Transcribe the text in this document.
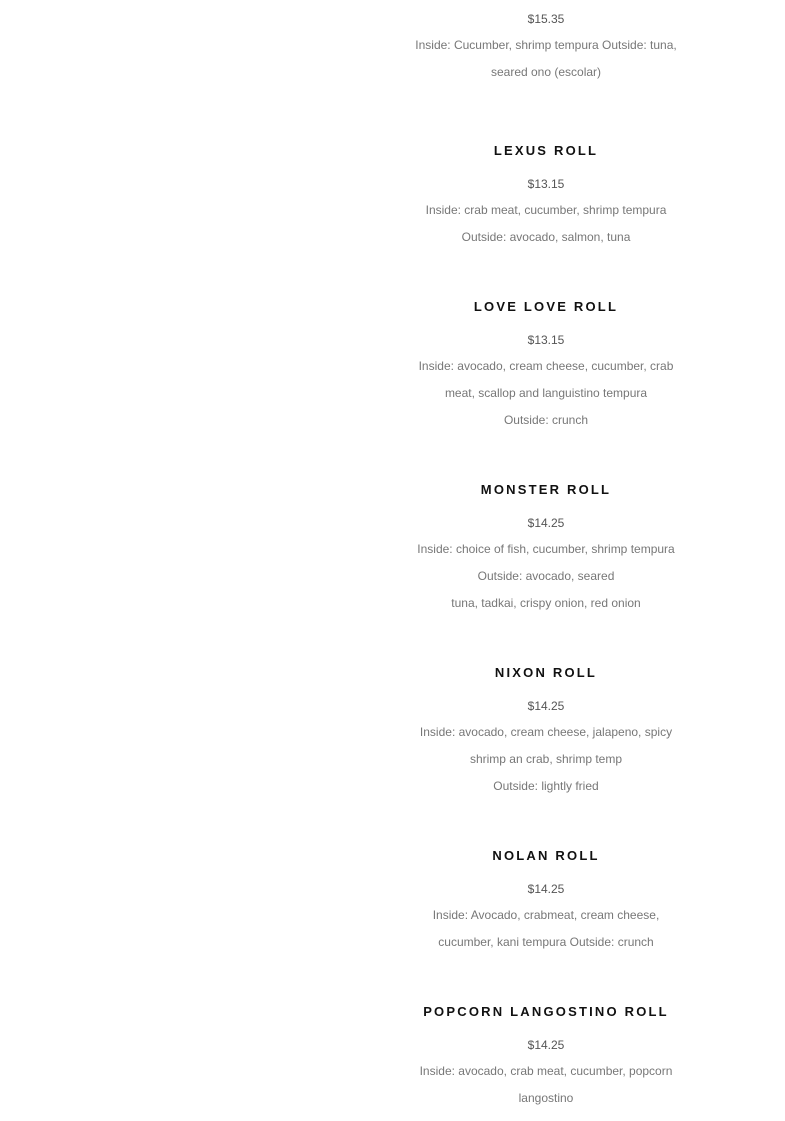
$15.35
Inside: Cucumber, shrimp tempura Outside: tuna,
seared ono (escolar)
LEXUS ROLL
$13.15
Inside: crab meat, cucumber, shrimp tempura
Outside: avocado, salmon, tuna
LOVE LOVE ROLL
$13.15
Inside: avocado, cream cheese, cucumber, crab
meat, scallop and languistino tempura
Outside: crunch
MONSTER ROLL
$14.25
Inside: choice of fish, cucumber, shrimp tempura
Outside: avocado, seared
tuna, tadkai, crispy onion, red onion
NIXON ROLL
$14.25
Inside: avocado, cream cheese, jalapeno, spicy
shrimp an crab, shrimp temp
Outside: lightly fried
NOLAN ROLL
$14.25
Inside: Avocado, crabmeat, cream cheese,
cucumber, kani tempura Outside: crunch
POPCORN LANGOSTINO ROLL
$14.25
Inside: avocado, crab meat, cucumber, popcorn
langostino
